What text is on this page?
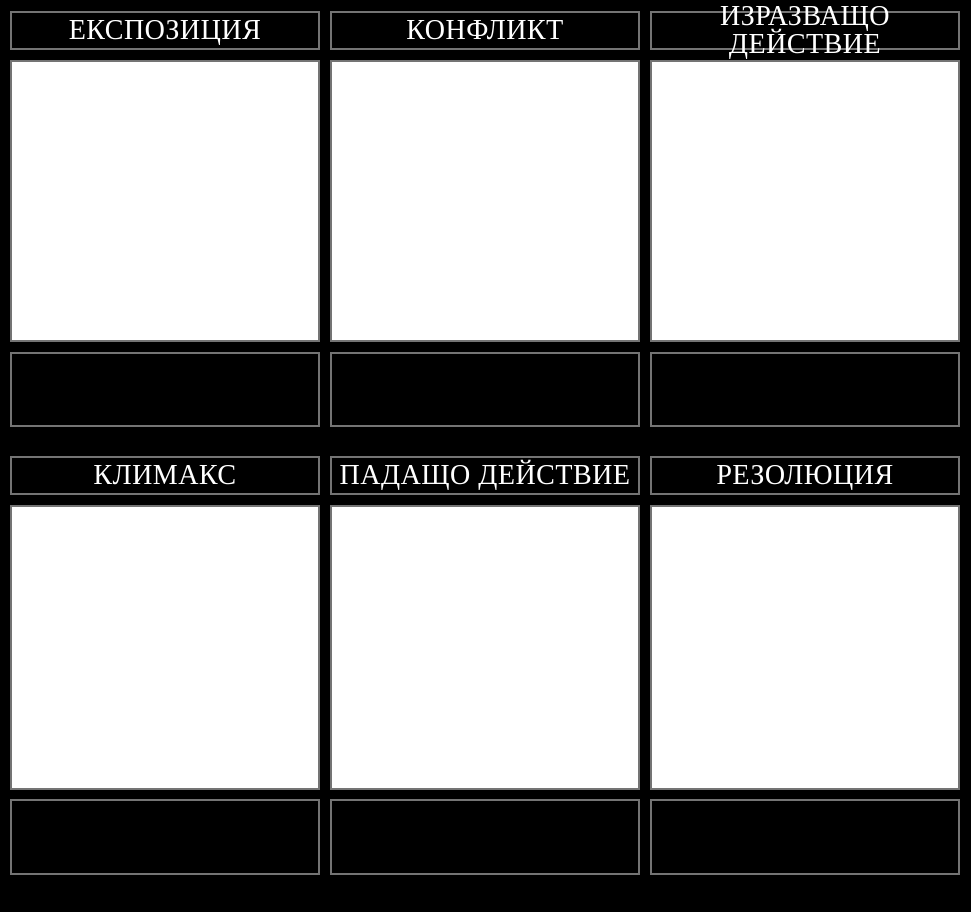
ЕКСПОЗИЦИЯ	КОНФЛИКТ	ИЗРАЗВАЩО ДЕЙСТВИЕ
КЛИМАКС	ПАДАЩО ДЕЙСТВИЕ	РЕЗОЛЮЦИЯ
